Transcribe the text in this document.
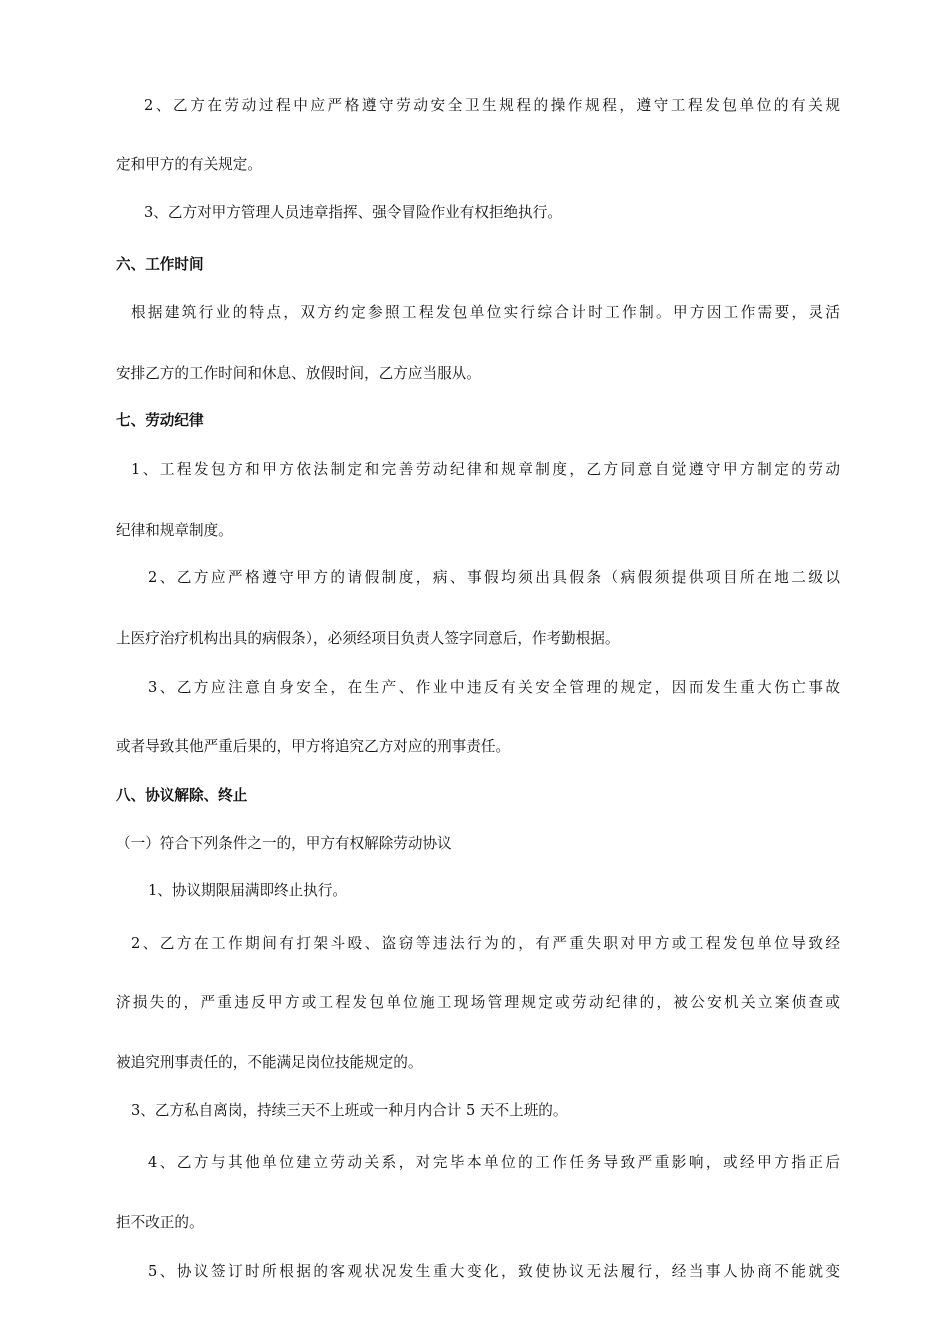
2、乙方在劳动过程中应严格遵守劳动安全卫生规程的操作规程，遵守工程发包单位的有关规
定和甲方的有关规定。
3、乙方对甲方管理人员违章指挥、强令冒险作业有权拒绝执行。
六、工作时间
根据建筑行业的特点，双方约定参照工程发包单位实行综合计时工作制。甲方因工作需要，灵活
安排乙方的工作时间和休息、放假时间，乙方应当服从。
七、劳动纪律
1、工程发包方和甲方依法制定和完善劳动纪律和规章制度，乙方同意自觉遵守甲方制定的劳动
纪律和规章制度。
2、乙方应严格遵守甲方的请假制度，病、事假均须出具假条（病假须提供项目所在地二级以
上医疗治疗机构出具的病假条），必须经项目负责人签字同意后，作考勤根据。
3、乙方应注意自身安全，在生产、作业中违反有关安全管理的规定，因而发生重大伤亡事故
或者导致其他严重后果的，甲方将追究乙方对应的刑事责任。
八、协议解除、终止
（一）符合下列条件之一的，甲方有权解除劳动协议
1、协议期限届满即终止执行。
2、乙方在工作期间有打架斗殴、盗窃等违法行为的，有严重失职对甲方或工程发包单位导致经
济损失的，严重违反甲方或工程发包单位施工现场管理规定或劳动纪律的，被公安机关立案侦查或
被追究刑事责任的，不能满足岗位技能规定的。
3、乙方私自离岗，持续三天不上班或一种月内合计 5 天不上班的。
4、乙方与其他单位建立劳动关系，对完毕本单位的工作任务导致严重影响，或经甲方指正后
拒不改正的。
5、协议签订时所根据的客观状况发生重大变化，致使协议无法履行，经当事人协商不能就变
